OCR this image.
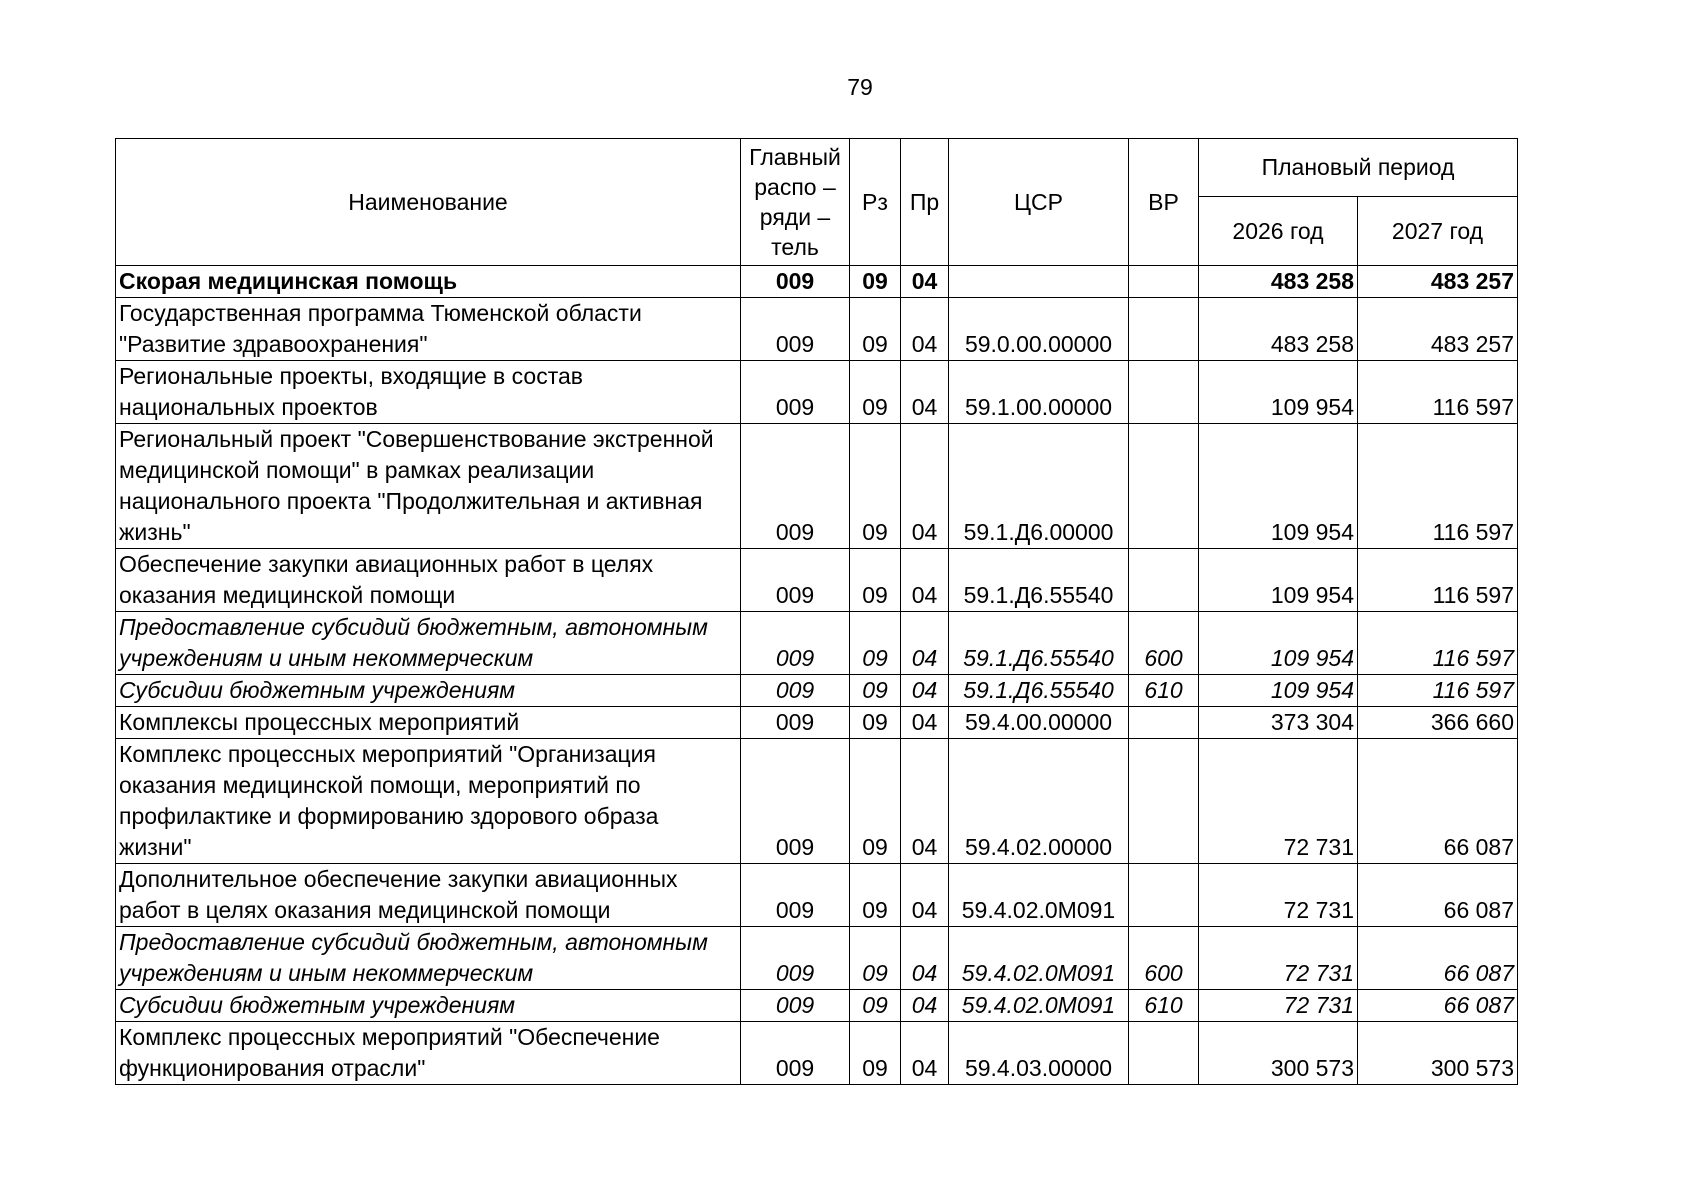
79
Наименование	Главный распо – ряди – тель	Рз	Пр	ЦСР	ВР	Плановый период	
						2026 год	2027 год
Скорая медицинская помощь	009	09	04			483 258	483 257
Государственная программа Тюменской области "Развитие здравоохранения"	009	09	04	59.0.00.00000		483 258	483 257
Региональные проекты, входящие в состав национальных проектов	009	09	04	59.1.00.00000		109 954	116 597
Региональный проект "Совершенствование экстренной медицинской помощи" в рамках реализации национального проекта "Продолжительная и активная жизнь"	009	09	04	59.1.Д6.00000		109 954	116 597
Обеспечение закупки авиационных работ в целях оказания медицинской помощи	009	09	04	59.1.Д6.55540		109 954	116 597

Предоставление субсидий бюджетным, автономным учреждениям и иным некоммерческим	009	09	04	59.1.Д6.55540	600	109 954	116 597
Субсидии бюджетным учреждениям	009	09	04	59.1.Д6.55540	610	109 954	116 597
Комплексы процессных мероприятий	009	09	04	59.4.00.00000		373 304	366 660
Комплекс процессных мероприятий "Организация оказания медицинской помощи, мероприятий по профилактике и формированию здорового образа жизни"	009	09	04	59.4.02.00000		72 731	66 087
Дополнительное обеспечение закупки авиационных работ в целях оказания медицинской помощи	009	09	04	59.4.02.0М091		72 731	66 087
Предоставление субсидий бюджетным, автономным учреждениям и иным некоммерческим	009	09	04	59.4.02.0М091	600	72 731	66 087
Субсидии бюджетным учреждениям	009	09	04	59.4.02.0М091	610	72 731	66 087
Комплекс процессных мероприятий "Обеспечение функционирования отрасли"	009	09	04	59.4.03.00000		300 573	300 573
